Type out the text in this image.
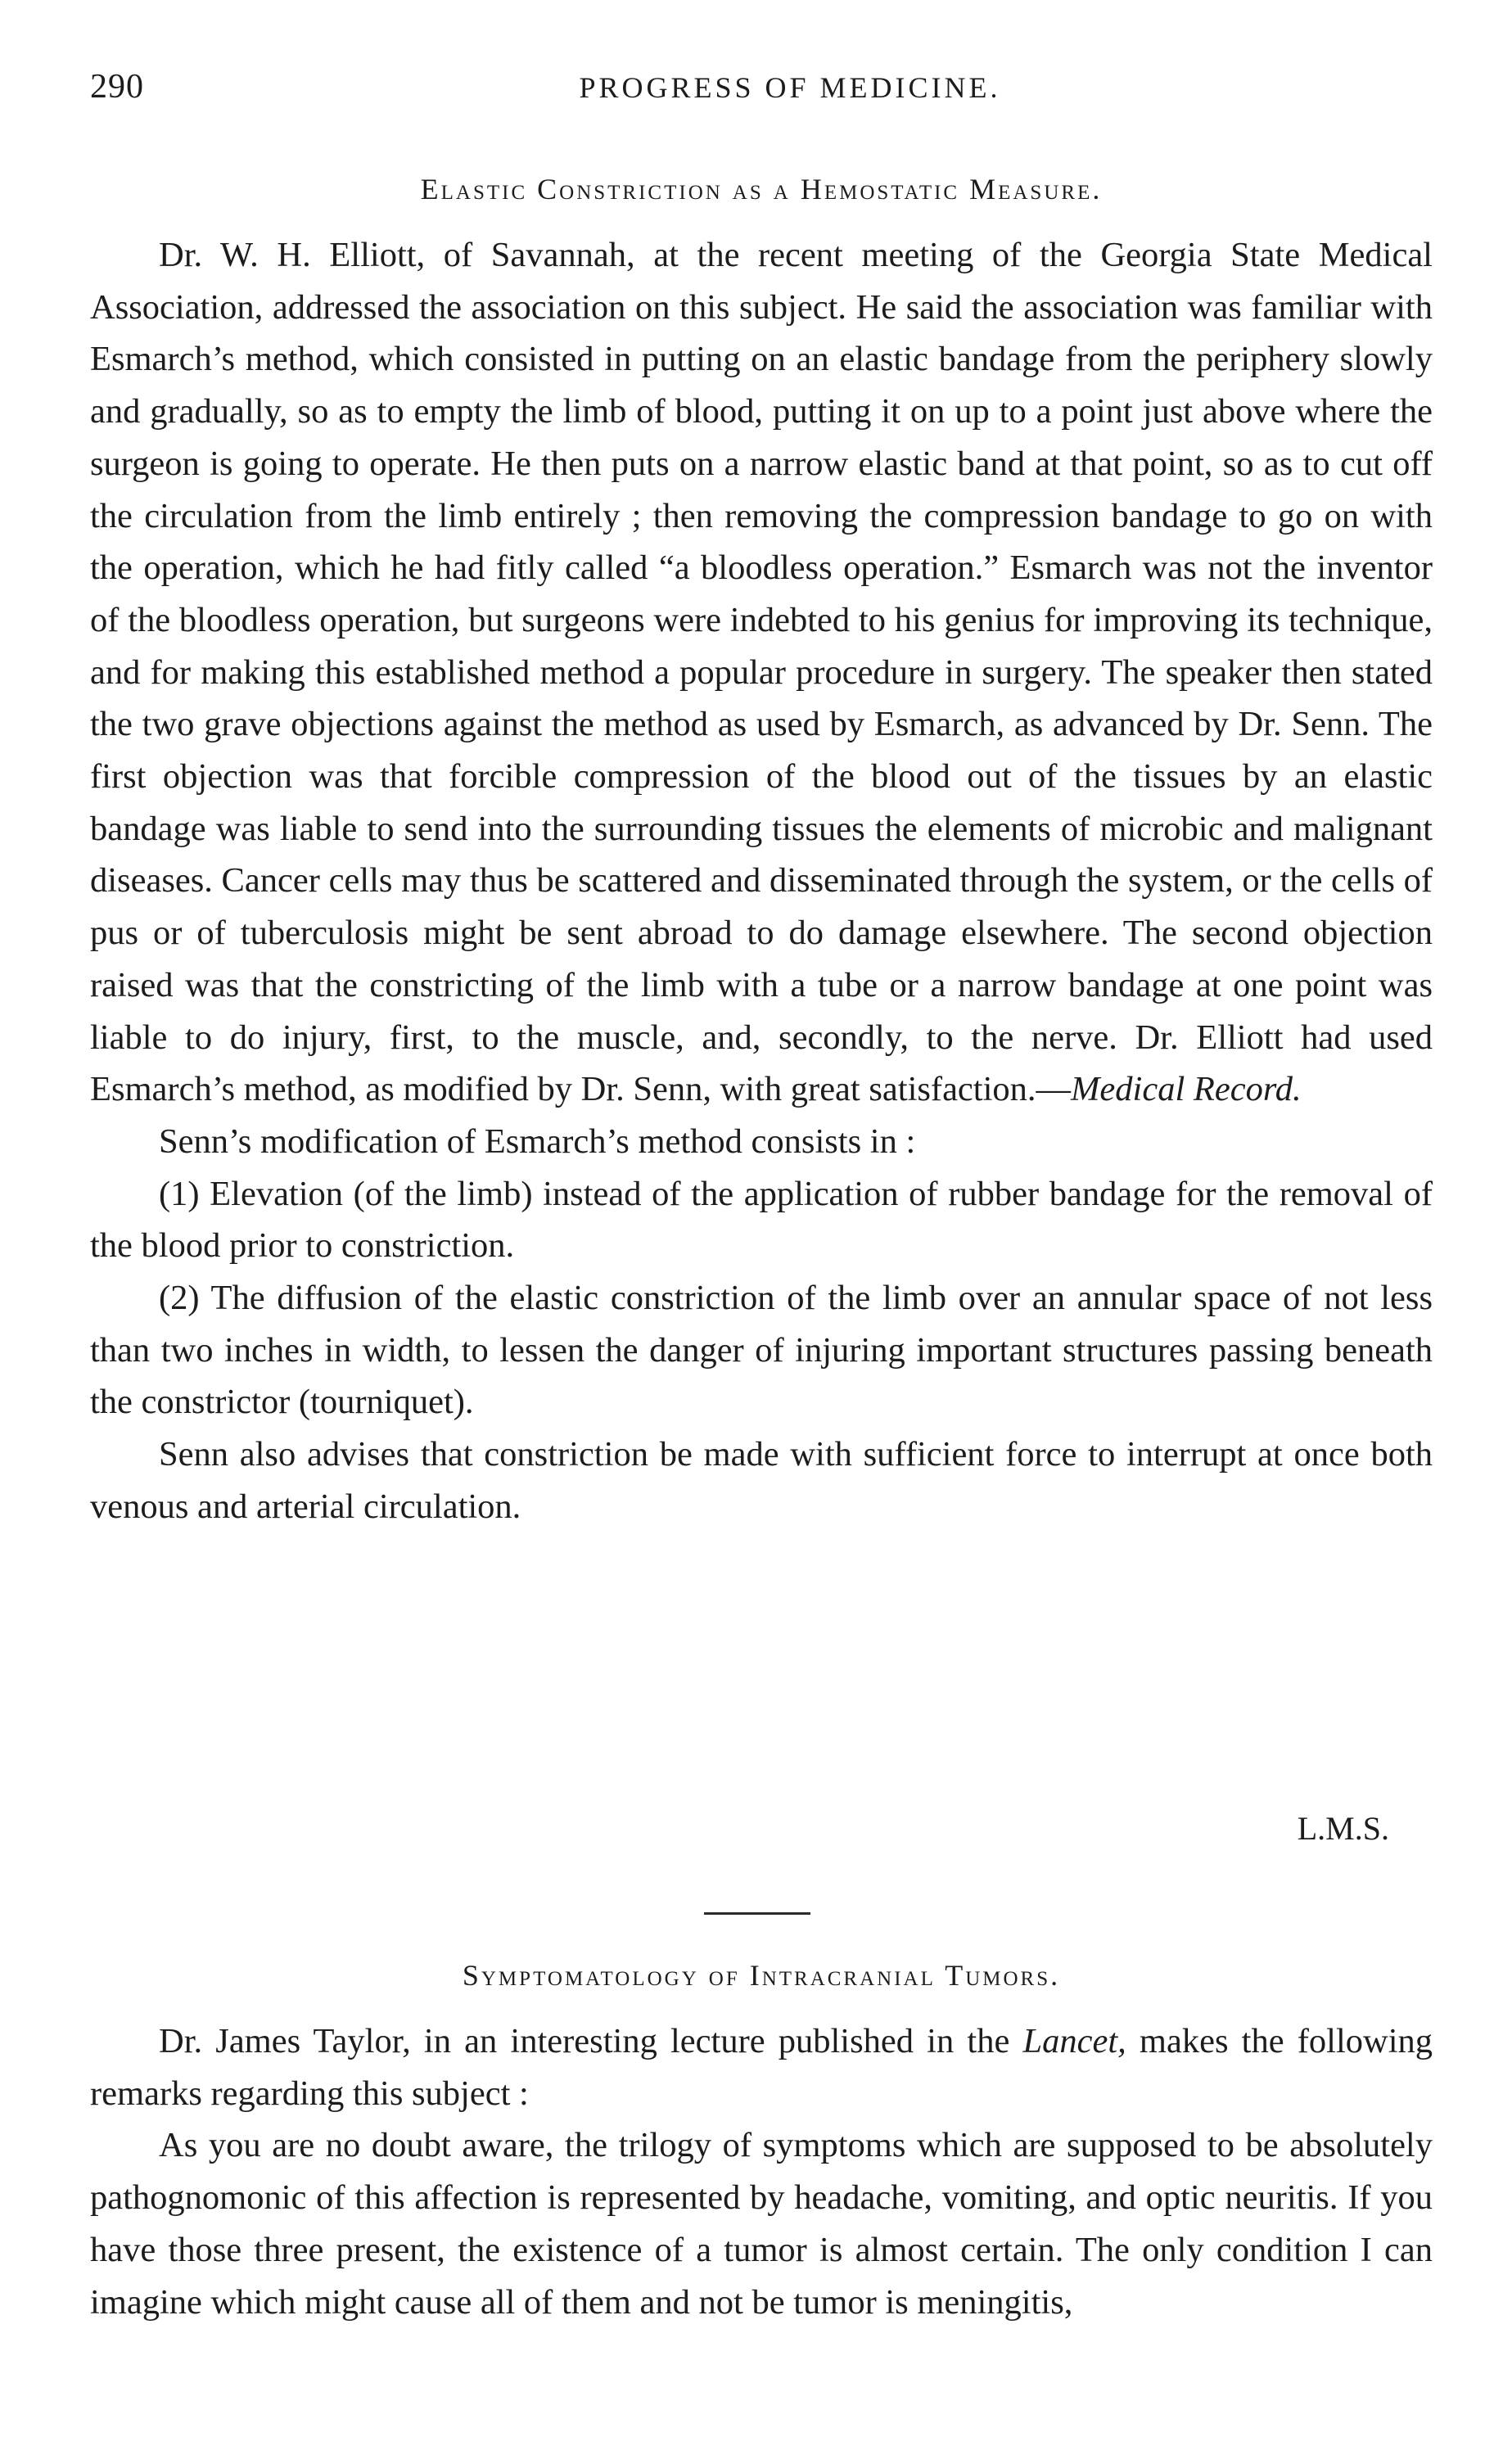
290	PROGRESS OF MEDICINE.
Elastic Constriction as a Hemostatic Measure.

Dr. W. H. Elliott, of Savannah, at the recent meeting of the Georgia State Medical Association, addressed the association on this subject. He said the association was familiar with Esmarch’s method, which consisted in putting on an elastic bandage from the periphery slowly and gradually, so as to empty the limb of blood, putting it on up to a point just above where the surgeon is going to operate. He then puts on a narrow elastic band at that point, so as to cut off the circulation from the limb entirely ; then removing the compression bandage to go on with the operation, which he had fitly called “a bloodless operation.” Esmarch was not the inventor of the bloodless operation, but surgeons were indebted to his genius for improving its technique, and for making this established method a popular procedure in surgery. The speaker then stated the two grave objections against the method as used by Esmarch, as advanced by Dr. Senn. The first objection was that forcible compression of the blood out of the tissues by an elastic bandage was liable to send into the surrounding tissues the elements of microbic and malignant diseases. Cancer cells may thus be scattered and disseminated through the system, or the cells of pus or of tuberculosis might be sent abroad to do damage elsewhere. The second objection raised was that the constricting of the limb with a tube or a narrow bandage at one point was liable to do injury, first, to the muscle, and, secondly, to the nerve. Dr. Elliott had used Esmarch’s method, as modified by Dr. Senn, with great satisfaction.—Medical Record.

Senn’s modification of Esmarch’s method consists in :

(1) Elevation (of the limb) instead of the application of rubber bandage for the removal of the blood prior to constriction.

(2) The diffusion of the elastic constriction of the limb over an annular space of not less than two inches in width, to lessen the danger of injuring important structures passing beneath the constrictor (tourniquet).

Senn also advises that constriction be made with sufficient force to interrupt at once both venous and arterial circulation.

L.M.S.
Symptomatology of Intracranial Tumors.

Dr. James Taylor, in an interesting lecture published in the Lancet, makes the following remarks regarding this subject :

As you are no doubt aware, the trilogy of symptoms which are supposed to be absolutely pathognomonic of this affection is represented by headache, vomiting, and optic neuritis. If you have those three present, the existence of a tumor is almost certain. The only condition I can imagine which might cause all of them and not be tumor is meningitis,
